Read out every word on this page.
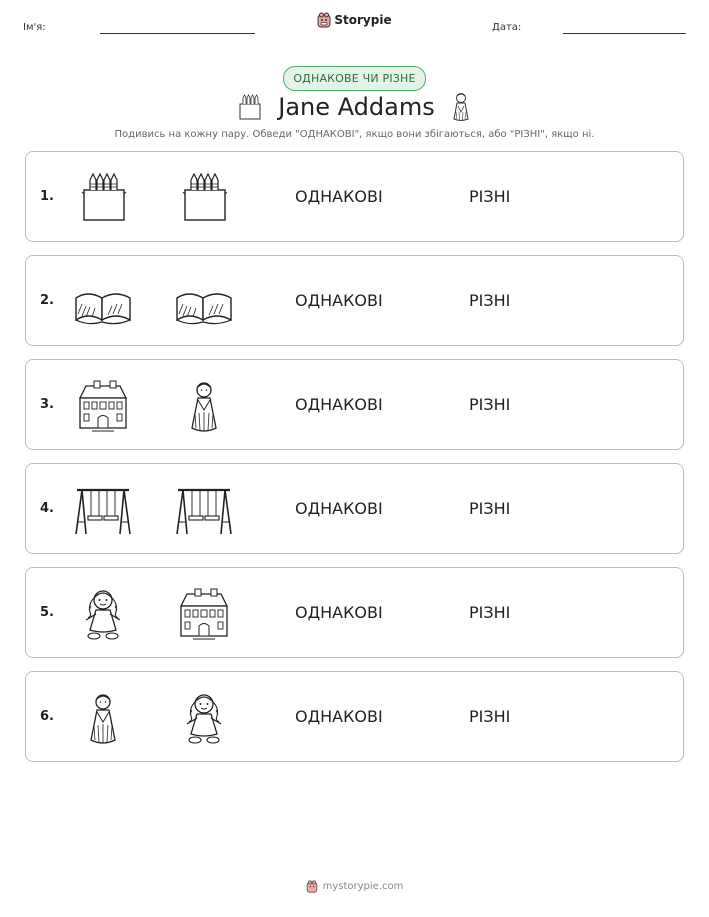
Ім'я:
Storypie
Дата:
ОДНАКОВЕ ЧИ РІЗНЕ
Jane Addams
Подивись на кожну пару. Обведи "ОДНАКОВІ", якщо вони збігаються, або "РІЗНІ", якщо ні.
1.	ОДНАКОВІ	РІЗНІ
2.	ОДНАКОВІ	РІЗНІ
3.	ОДНАКОВІ	РІЗНІ
4.	ОДНАКОВІ	РІЗНІ
5.	ОДНАКОВІ	РІЗНІ
6.	ОДНАКОВІ	РІЗНІ
mystorypie.com
